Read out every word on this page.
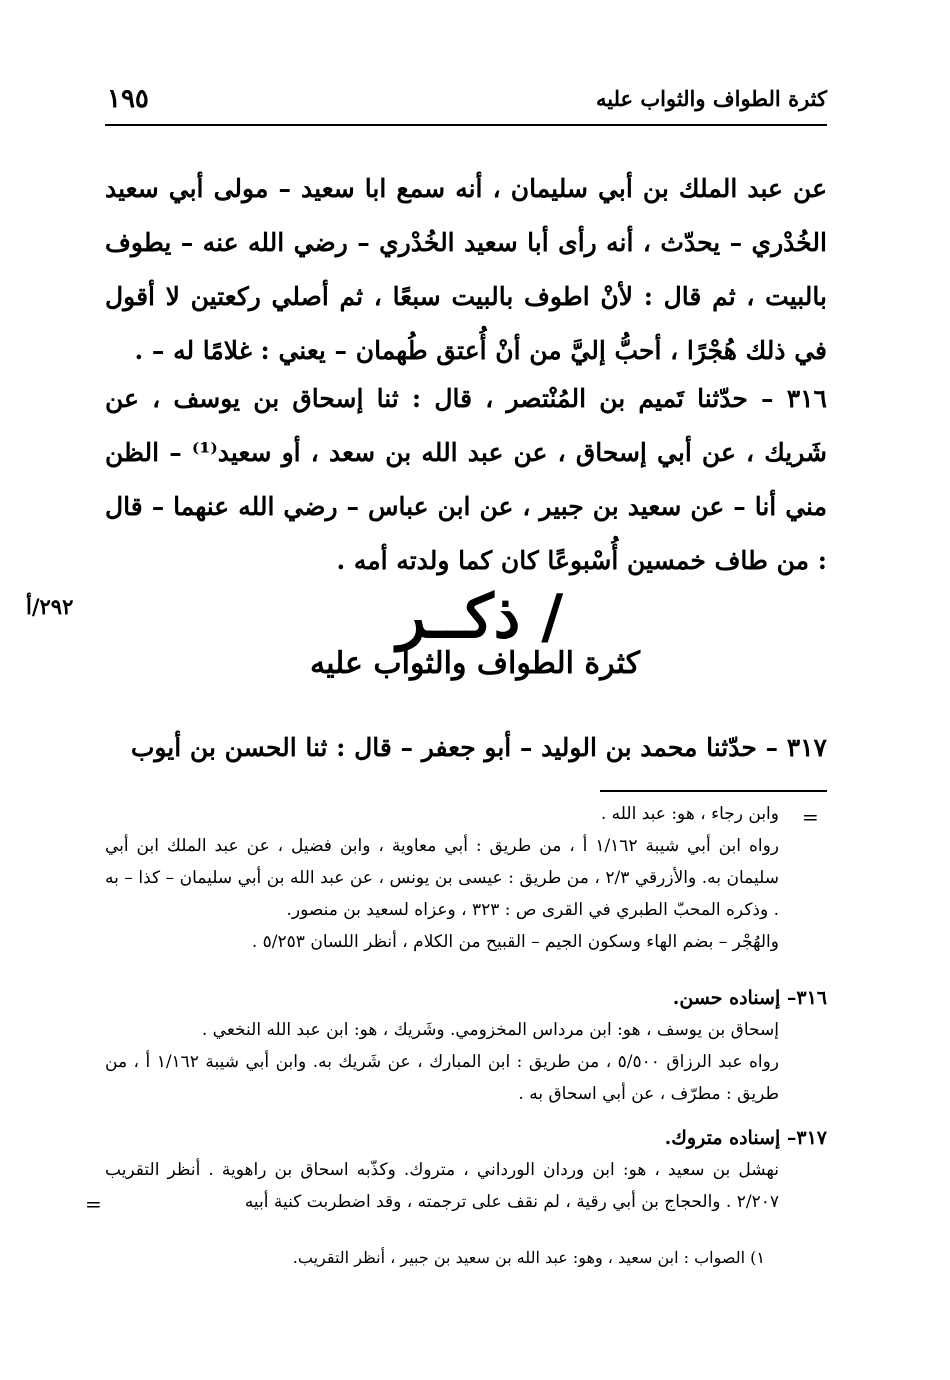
كثرة الطواف والثواب عليه
١٩٥

عن عبد الملك بن أبي سليمان ، أنه سمع ابا سعيد – مولى أبي سعيد الخُدْري – يحدّث ، أنه رأى أبا سعيد الخُدْري – رضي الله عنه – يطوف بالبيت ، ثم قال : لأنْ اطوف بالبيت سبعًا ، ثم أصلي ركعتين لا أقول في ذلك هُجْرًا ، أحبُّ إليَّ من أنْ أُعتق طُهمان – يعني : غلامًا له – .

٣١٦ – حدّثنا تَميم بن المُنْتصر ، قال : ثنا إسحاق بن يوسف ، عن شَريك ، عن أبي إسحاق ، عن عبد الله بن سعد ، أو سعيد⁽¹⁾ – الظن مني أنا – عن سعيد بن جبير ، عن ابن عباس – رضي الله عنهما – قال : من طاف خمسين أُسْبوعًا كان كما ولدته أمه .

٢٩٢/أ	/ ذكــر
كثرة الطواف والثواب عليه

٣١٧ – حدّثنا محمد بن الوليد – أبو جعفر – قال : ثنا الحسن بن أيوب

=

وابن رجاء ، هو: عبد الله .

رواه ابن أبي شيبة ١/١٦٢ أ ، من طريق : أبي معاوية ، وابن فضيل ، عن عبد الملك ابن أبي سليمان به. والأزرقي ٢/٣ ، من طريق : عيسى بن يونس ، عن عبد الله بن أبي سليمان – كذا – به . وذكره المحبّ الطبري في القرى ص : ٣٢٣ ، وعزاه لسعيد بن منصور.

والهُجْر – بضم الهاء وسكون الجيم – القبيح من الكلام ، أنظر اللسان ٥/٢٥٣ .

٣١٦– إسناده حسن.

إسحاق بن يوسف ، هو: ابن مرداس المخزومي. وشَريك ، هو: ابن عبد الله النخعي .

رواه عبد الرزاق ٥/٥٠٠ ، من طريق : ابن المبارك ، عن شَريك به. وابن أبي شيبة ١/١٦٢ أ ، من طريق : مطرّف ، عن أبي اسحاق به .

٣١٧– إسناده متروك.

نهشل بن سعيد ، هو: ابن وردان الورداني ، متروك. وكذّبه اسحاق بن راهوية . أنظر التقريب ٢/٢٠٧ . والحجاج بن أبي رقية ، لم نقف على ترجمته ، وقد اضطربت كنية أبيه

=
١) الصواب : ابن سعيد ، وهو: عبد الله بن سعيد بن جبير ، أنظر التقريب.
